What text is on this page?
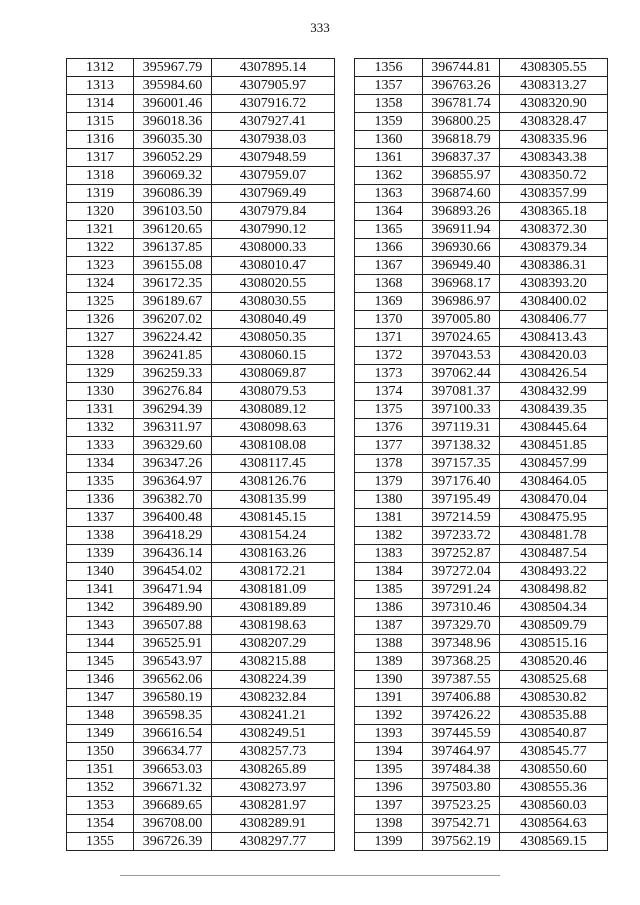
333
1312	395967.79	4307895.14
1313	395984.60	4307905.97
1314	396001.46	4307916.72
1315	396018.36	4307927.41
1316	396035.30	4307938.03
1317	396052.29	4307948.59
1318	396069.32	4307959.07
1319	396086.39	4307969.49
1320	396103.50	4307979.84
1321	396120.65	4307990.12
1322	396137.85	4308000.33
1323	396155.08	4308010.47
1324	396172.35	4308020.55
1325	396189.67	4308030.55
1326	396207.02	4308040.49
1327	396224.42	4308050.35
1328	396241.85	4308060.15
1329	396259.33	4308069.87
1330	396276.84	4308079.53
1331	396294.39	4308089.12
1332	396311.97	4308098.63
1333	396329.60	4308108.08
1334	396347.26	4308117.45
1335	396364.97	4308126.76
1336	396382.70	4308135.99
1337	396400.48	4308145.15
1338	396418.29	4308154.24
1339	396436.14	4308163.26
1340	396454.02	4308172.21
1341	396471.94	4308181.09
1342	396489.90	4308189.89
1343	396507.88	4308198.63
1344	396525.91	4308207.29
1345	396543.97	4308215.88
1346	396562.06	4308224.39
1347	396580.19	4308232.84
1348	396598.35	4308241.21
1349	396616.54	4308249.51
1350	396634.77	4308257.73
1351	396653.03	4308265.89
1352	396671.32	4308273.97
1353	396689.65	4308281.97
1354	396708.00	4308289.91
1355	396726.39	4308297.77
1356	396744.81	4308305.55
1357	396763.26	4308313.27
1358	396781.74	4308320.90
1359	396800.25	4308328.47
1360	396818.79	4308335.96
1361	396837.37	4308343.38
1362	396855.97	4308350.72
1363	396874.60	4308357.99
1364	396893.26	4308365.18
1365	396911.94	4308372.30
1366	396930.66	4308379.34
1367	396949.40	4308386.31
1368	396968.17	4308393.20
1369	396986.97	4308400.02
1370	397005.80	4308406.77
1371	397024.65	4308413.43
1372	397043.53	4308420.03
1373	397062.44	4308426.54
1374	397081.37	4308432.99
1375	397100.33	4308439.35
1376	397119.31	4308445.64
1377	397138.32	4308451.85
1378	397157.35	4308457.99
1379	397176.40	4308464.05
1380	397195.49	4308470.04
1381	397214.59	4308475.95
1382	397233.72	4308481.78
1383	397252.87	4308487.54
1384	397272.04	4308493.22
1385	397291.24	4308498.82
1386	397310.46	4308504.34
1387	397329.70	4308509.79
1388	397348.96	4308515.16
1389	397368.25	4308520.46
1390	397387.55	4308525.68
1391	397406.88	4308530.82
1392	397426.22	4308535.88
1393	397445.59	4308540.87
1394	397464.97	4308545.77
1395	397484.38	4308550.60
1396	397503.80	4308555.36
1397	397523.25	4308560.03
1398	397542.71	4308564.63
1399	397562.19	4308569.15
